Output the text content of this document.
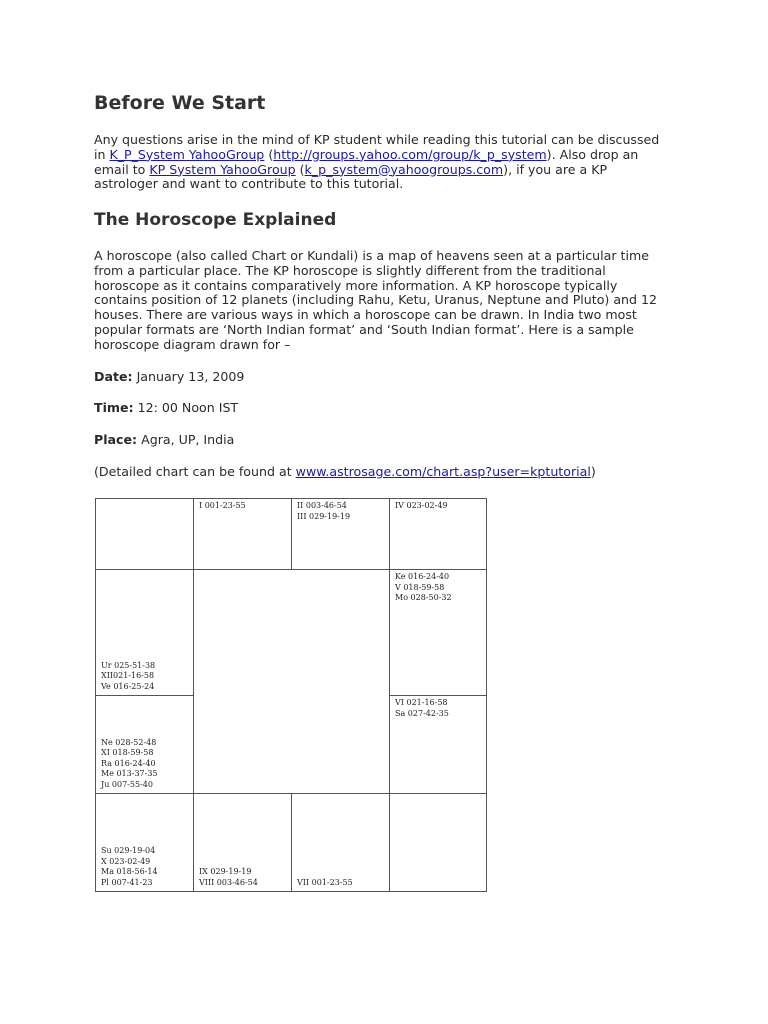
Before We Start

Any questions arise in the mind of KP student while reading this tutorial can be discussed in K_P_System YahooGroup (http://groups.yahoo.com/group/k_p_system). Also drop an email to KP System YahooGroup (k_p_system@yahoogroups.com), if you are a KP astrologer and want to contribute to this tutorial.

The Horoscope Explained

A horoscope (also called Chart or Kundali) is a map of heavens seen at a particular time from a particular place. The KP horoscope is slightly different from the traditional horoscope as it contains comparatively more information. A KP horoscope typically contains position of 12 planets (including Rahu, Ketu, Uranus, Neptune and Pluto) and 12 houses. There are various ways in which a horoscope can be drawn. In India two most popular formats are ‘North Indian format’ and ‘South Indian format’. Here is a sample horoscope diagram drawn for –

Date: January 13, 2009
Time: 12: 00 Noon IST
Place: Agra, UP, India
(Detailed chart can be found at www.astrosage.com/chart.asp?user=kptutorial)
I 001-23-55	II 003-46-54
III 029-19-19
IV 023-02-49
Ur 025-51-38
XII021-16-58
Ve 016-25-24
Ke 016-24-40
V 018-59-58
Mo 028-50-32
Ne 028-52-48
XI 018-59-58
Ra 016-24-40
Me 013-37-35
Ju 007-55-40
VI 021-16-58
Sa 027-42-35
Su 029-19-04
X 023-02-49
Ma 018-56-14
Pl 007-41-23
IX 029-19-19
VIII 003-46-54	VII 001-23-55
